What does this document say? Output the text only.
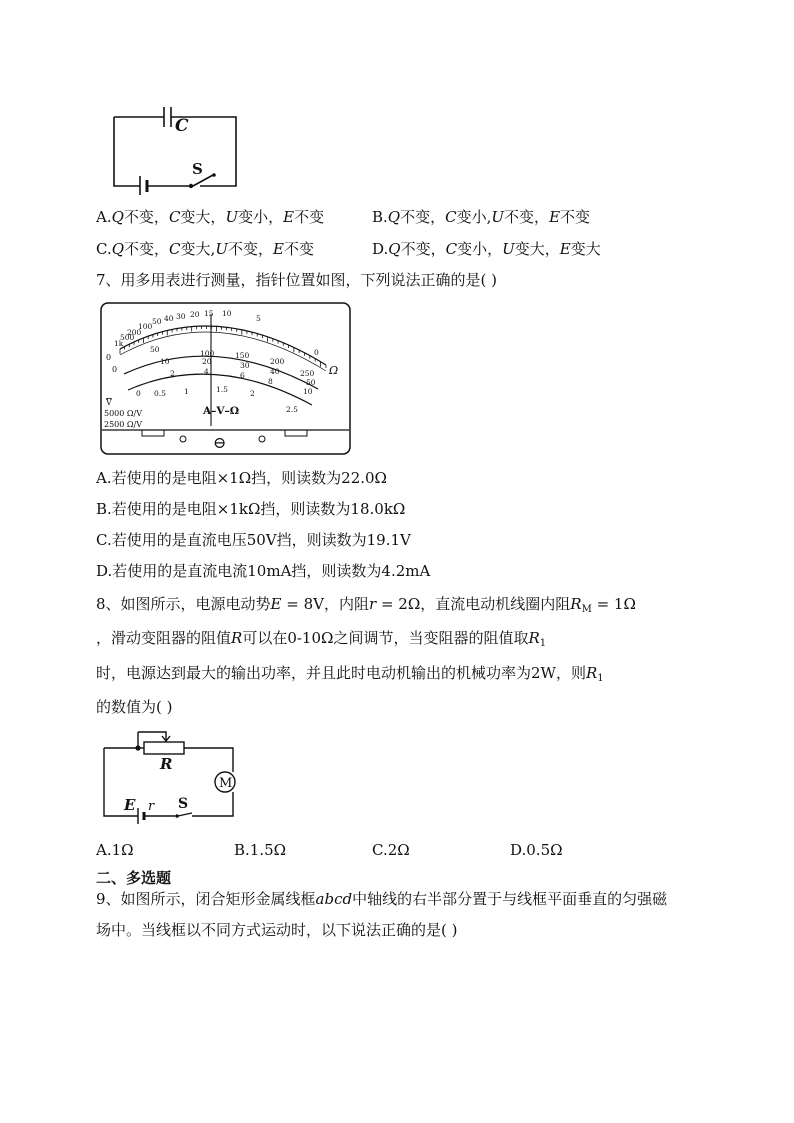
C
S
A.Q不变，C变大，U变小，E不变	B.Q不变，C变小,U不变，E不变
C.Q不变，C变大,U不变，E不变	D.Q不变，C变小，U变大，E变大
7、用多用表进行测量，指针位置如图，下列说法正确的是( )
⊖
1k
500
200
100
50 40 30 20 15 10
5
0
Ω
50	100	150
200
250
10	20	30
40
50
2	4	6
8
10
0 0.5 1	1.5	2
2.5
0
0
A–V–Ω
V
5000 Ω/V
2500 Ω/V
A.若使用的是电阻×1Ω挡，则读数为22.0Ω
B.若使用的是电阻×1kΩ挡，则读数为18.0kΩ
C.若使用的是直流电压50V挡，则读数为19.1V
D.若使用的是直流电流10mA挡，则读数为4.2mA
8、如图所示，电源电动势E = 8V，内阻r = 2Ω，直流电动机线圈内阻$R_M = 1\Omega$
，滑动变阻器的阻值R可以在0-10Ω之间调节，当变阻器的阻值取$R_1$
时，电源达到最大的输出功率，并且此时电动机输出的机械功率为2W，则$R_1$
的数值为( )
R
M
E r S
A.1Ω	B.1.5Ω	C.2Ω	D.0.5Ω
二、多选题
9、如图所示，闭合矩形金属线框abcd中轴线的右半部分置于与线框平面垂直的匀强磁
场中。当线框以不同方式运动时，以下说法正确的是( )
